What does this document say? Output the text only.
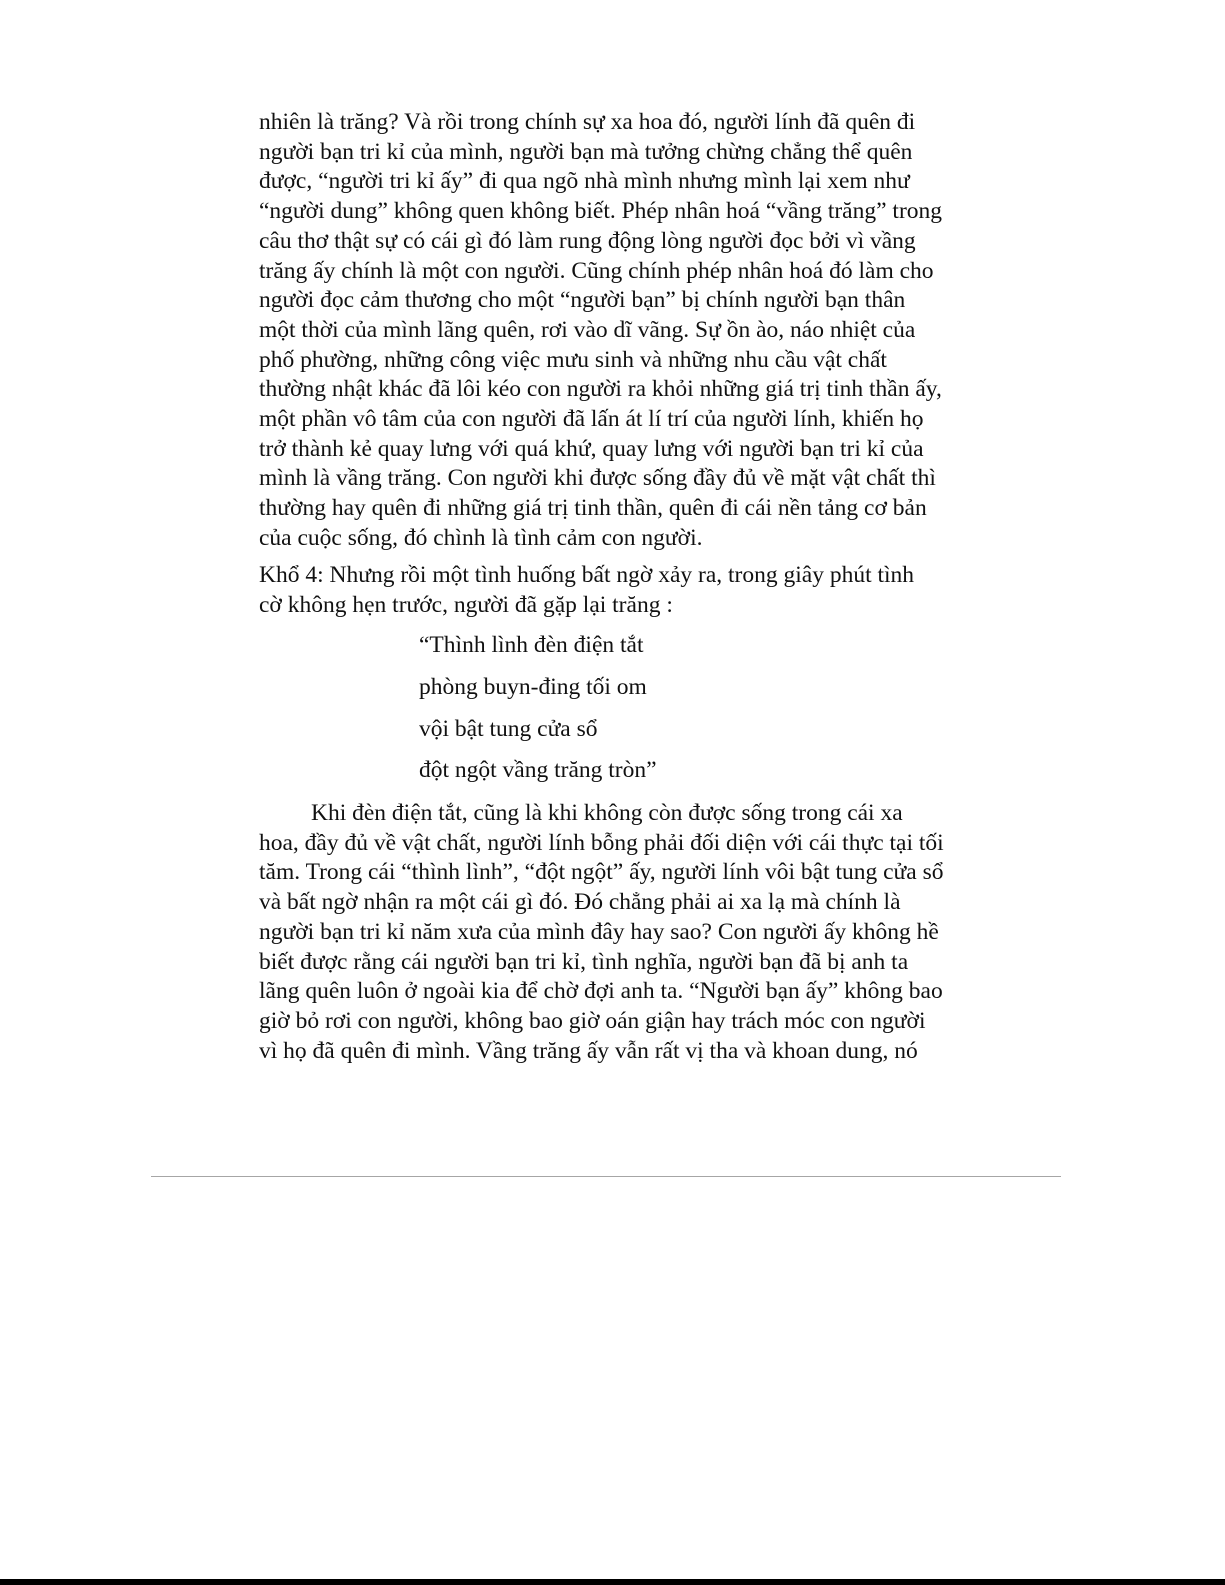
nhiên là trăng? Và rồi trong chính sự xa hoa đó, người lính đã quên đi
người bạn tri kỉ của mình, người bạn mà tưởng chừng chẳng thể quên
được, “người tri kỉ ấy” đi qua ngõ nhà mình nhưng mình lại xem như
“người dung” không quen không biết. Phép nhân hoá “vầng trăng” trong
câu thơ thật sự có cái gì đó làm rung động lòng người đọc bởi vì vầng
trăng ấy chính là một con người. Cũng chính phép nhân hoá đó làm cho
người đọc cảm thương cho một “người bạn” bị chính người bạn thân
một thời của mình lãng quên, rơi vào dĩ vãng. Sự ồn ào, náo nhiệt của
phố phường, những công việc mưu sinh và những nhu cầu vật chất
thường nhật khác đã lôi kéo con người ra khỏi những giá trị tinh thần ấy,
một phần vô tâm của con người đã lấn át lí trí của người lính, khiến họ
trở thành kẻ quay lưng với quá khứ, quay lưng với người bạn tri kỉ của
mình là vầng trăng. Con người khi được sống đầy đủ về mặt vật chất thì
thường hay quên đi những giá trị tinh thần, quên đi cái nền tảng cơ bản
của cuộc sống, đó chình là tình cảm con người.
Khổ 4: Nhưng rồi một tình huống bất ngờ xảy ra, trong giây phút tình
cờ không hẹn trước, người đã gặp lại trăng :
“Thình lình đèn điện tắt
phòng buyn-đing tối om
vội bật tung cửa sổ
đột ngột vầng trăng tròn”
Khi đèn điện tắt, cũng là khi không còn được sống trong cái xa
hoa, đầy đủ về vật chất, người lính bỗng phải đối diện với cái thực tại tối
tăm. Trong cái “thình lình”, “đột ngột” ấy, người lính vôi bật tung cửa sổ
và bất ngờ nhận ra một cái gì đó. Đó chẳng phải ai xa lạ mà chính là
người bạn tri kỉ năm xưa của mình đây hay sao? Con người ấy không hề
biết được rằng cái người bạn tri kỉ, tình nghĩa, người bạn đã bị anh ta
lãng quên luôn ở ngoài kia để chờ đợi anh ta. “Người bạn ấy” không bao
giờ bỏ rơi con người, không bao giờ oán giận hay trách móc con người
vì họ đã quên đi mình. Vầng trăng ấy vẫn rất vị tha và khoan dung, nó
